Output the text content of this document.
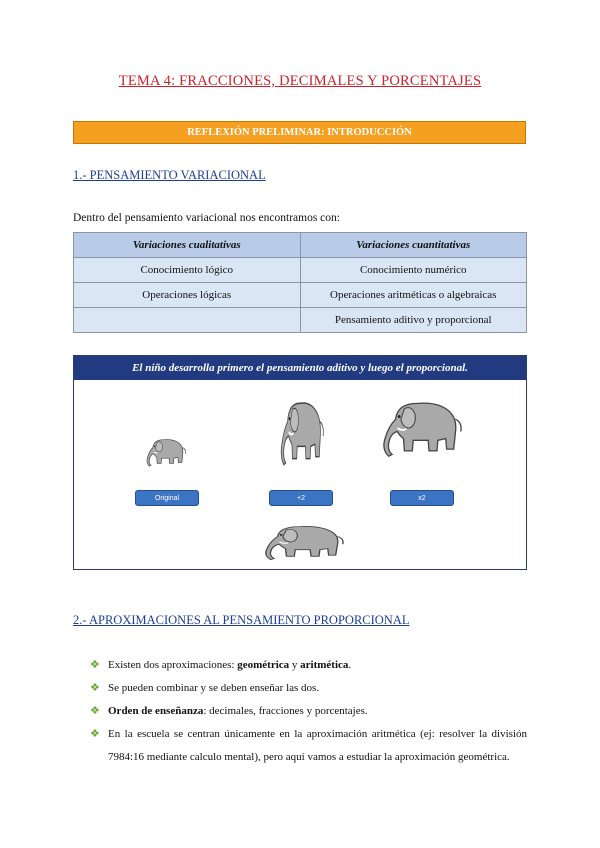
TEMA 4: FRACCIONES, DECIMALES Y PORCENTAJES
REFLEXIÓN PRELIMINAR: INTRODUCCIÓN
1.- PENSAMIENTO VARIACIONAL
Dentro del pensamiento variacional nos encontramos con:
Variaciones cualitativas	Variaciones cuantitativas
Conocimiento lógico	Conocimiento numérico
Operaciones lógicas	Operaciones aritméticas o algebraicas
	Pensamiento aditivo y proporcional
El niño desarrolla primero el pensamiento aditivo y luego el proporcional.
Original	+2	x2
2.- APROXIMACIONES AL PENSAMIENTO PROPORCIONAL
❖ Existen dos aproximaciones: geométrica y aritmética.
❖ Se pueden combinar y se deben enseñar las dos.
❖ Orden de enseñanza: decimales, fracciones y porcentajes.
❖ En la escuela se centran únicamente en la aproximación aritmética (ej: resolver la división 7984:16 mediante calculo mental), pero aquí vamos a estudiar la aproximación geométrica.
